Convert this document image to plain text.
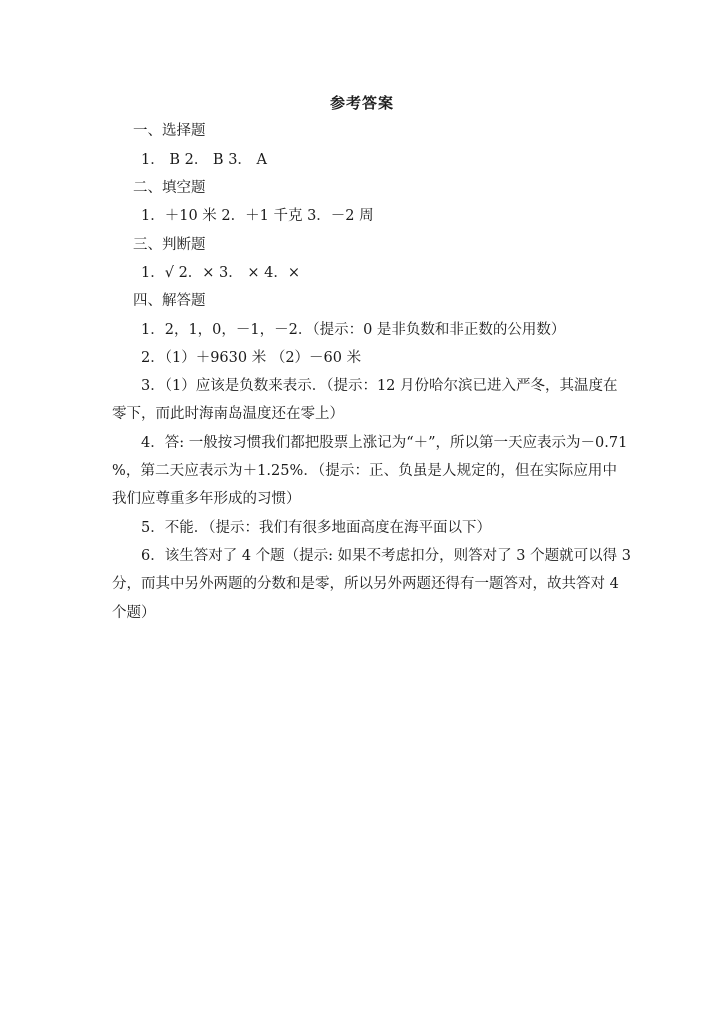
参考答案
一、选择题
1． B 2． B 3． A
二、填空题
1．＋10 米 2．＋1 千克 3．－2 周
三、判断题
1．√ 2．× 3． × 4．×
四、解答题
1．2，1，0，－1，－2．（提示：0 是非负数和非正数的公用数）
2．（1）＋9630 米 （2）－60 米
3．（1）应该是负数来表示．（提示：12 月份哈尔滨已进入严冬，其温度在
零下，而此时海南岛温度还在零上）
4．答: 一般按习惯我们都把股票上涨记为“＋”，所以第一天应表示为－0.71
%，第二天应表示为＋1.25%．（提示：正、负虽是人规定的，但在实际应用中
我们应尊重多年形成的习惯）
5．不能．（提示：我们有很多地面高度在海平面以下）
6．该生答对了 4 个题（提示: 如果不考虑扣分，则答对了 3 个题就可以得 3
分，而其中另外两题的分数和是零，所以另外两题还得有一题答对，故共答对 4
个题）
